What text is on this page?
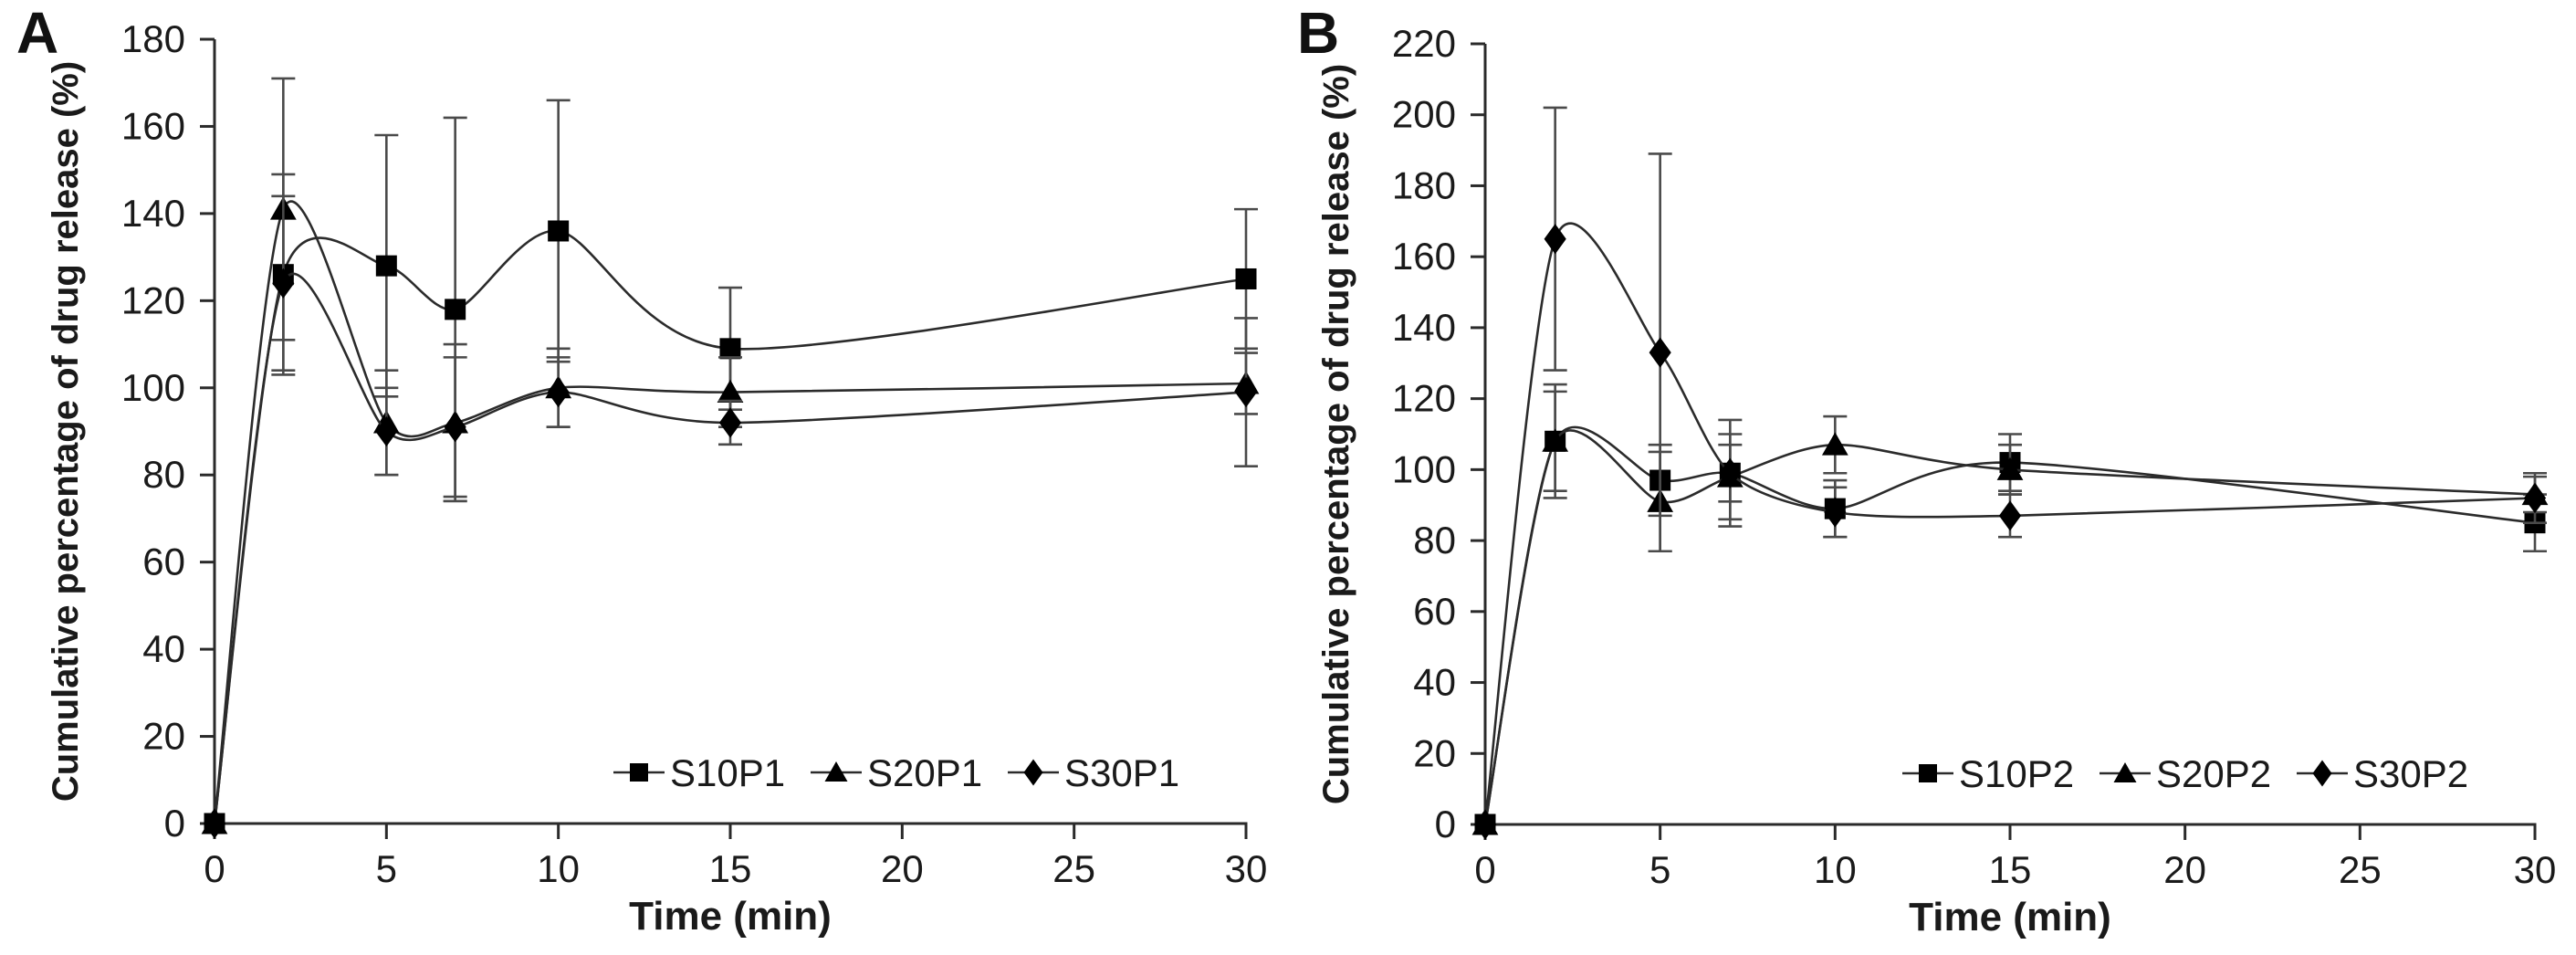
0
20
40
60
80
100
120
140
160
180
0	5	10	15	20	25	30
Time (min)
Cumulative percentage of drug release (%)	S10P1 S20P1 S30P1
0
20
40
60
80
100
120
140
160
180
200
220
0	5	10	15	20	25	30
Time (min)
Cumulative percentage of drug release (%)	S10P2 S20P2 S30P2
A	B
